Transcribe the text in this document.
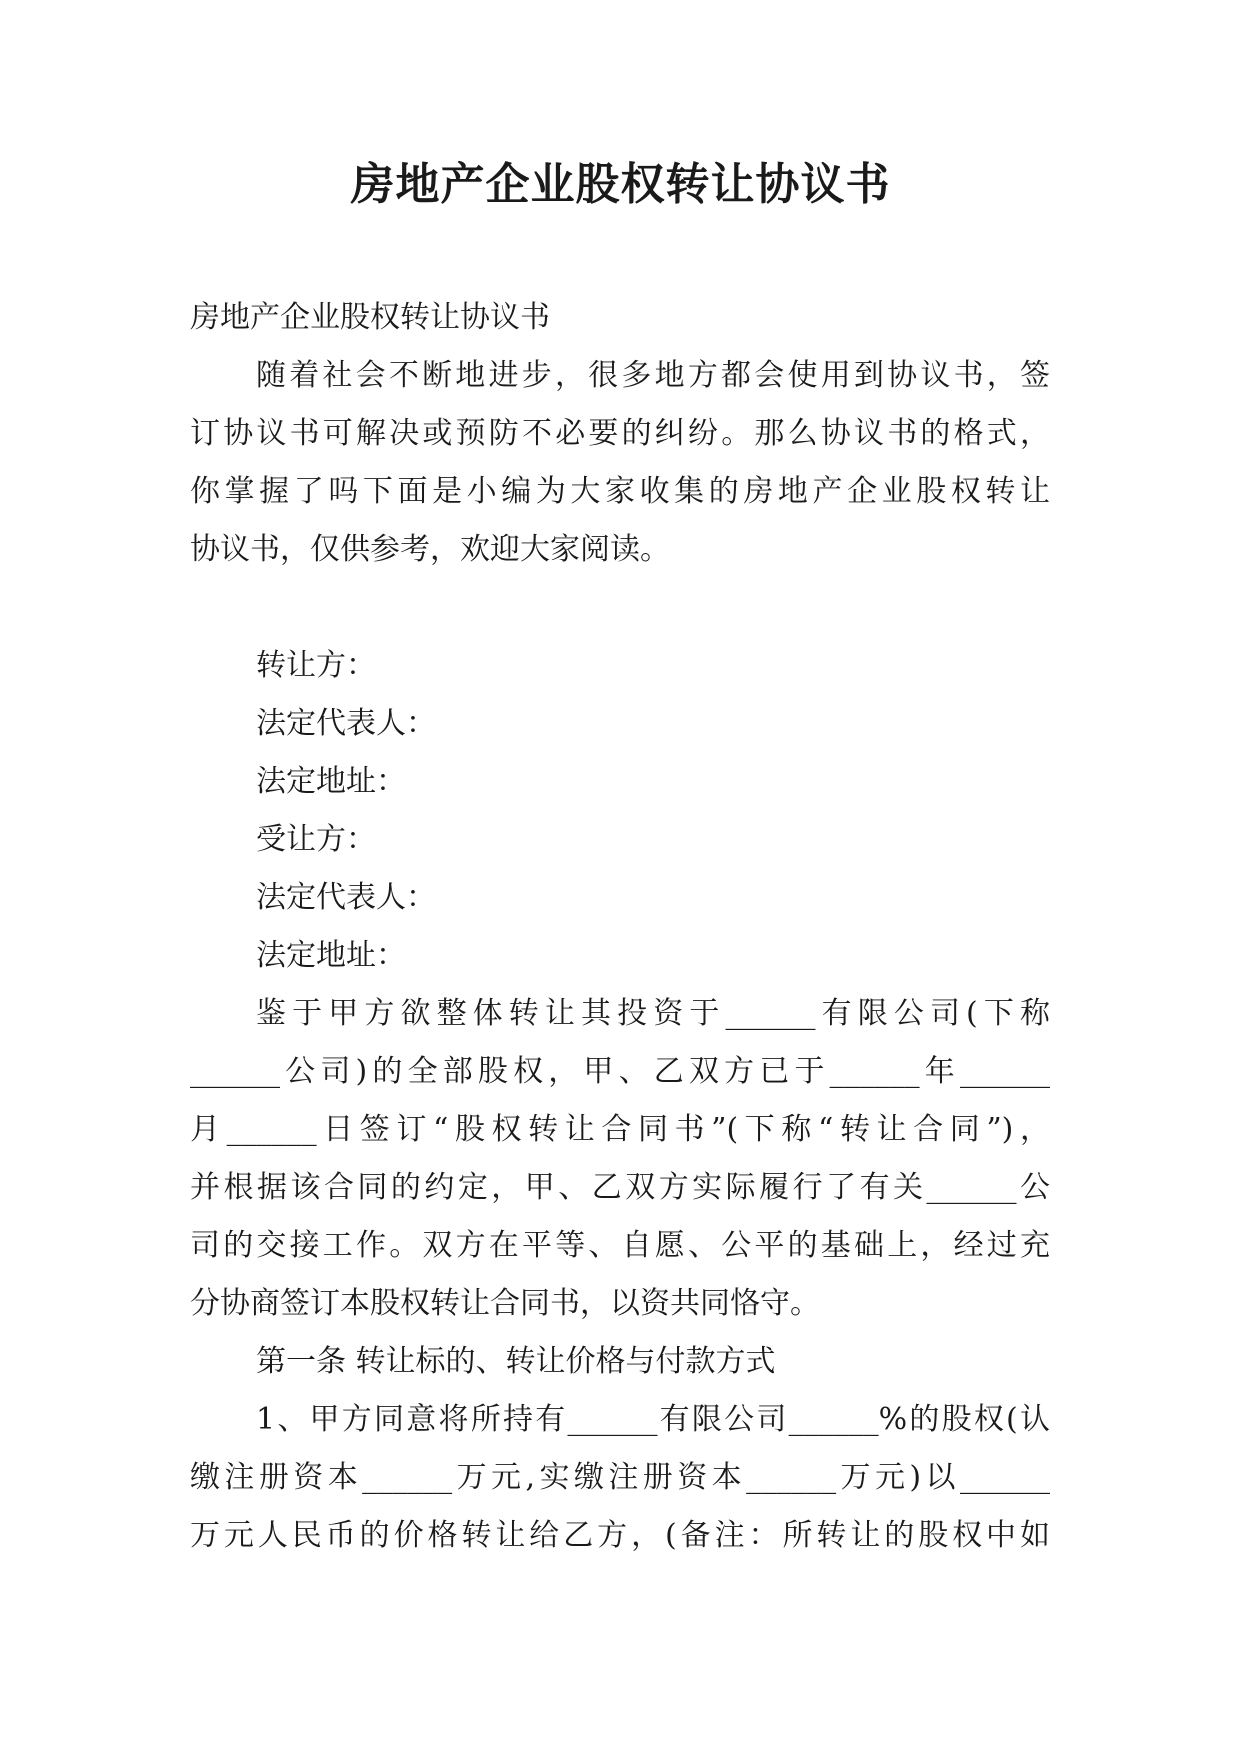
房地产企业股权转让协议书
房地产企业股权转让协议书
随着社会不断地进步，很多地方都会使用到协议书，签
订协议书可解决或预防不必要的纠纷。那么协议书的格式，
你掌握了吗下面是小编为大家收集的房地产企业股权转让
协议书，仅供参考，欢迎大家阅读。
转让方：
法定代表人：
法定地址：
受让方：
法定代表人：
法定地址：
鉴于甲方欲整体转让其投资于______有限公司(下称
______公司)的全部股权，甲、乙双方已于______年______
月______日签订“股权转让合同书”(下称“转让合同”)，
并根据该合同的约定，甲、乙双方实际履行了有关______公
司的交接工作。双方在平等、自愿、公平的基础上，经过充
分协商签订本股权转让合同书，以资共同恪守。
第一条 转让标的、转让价格与付款方式
1、甲方同意将所持有______有限公司______%的股权(认
缴注册资本______万元,实缴注册资本______万元)以______
万元人民币的价格转让给乙方，(备注：所转让的股权中如
